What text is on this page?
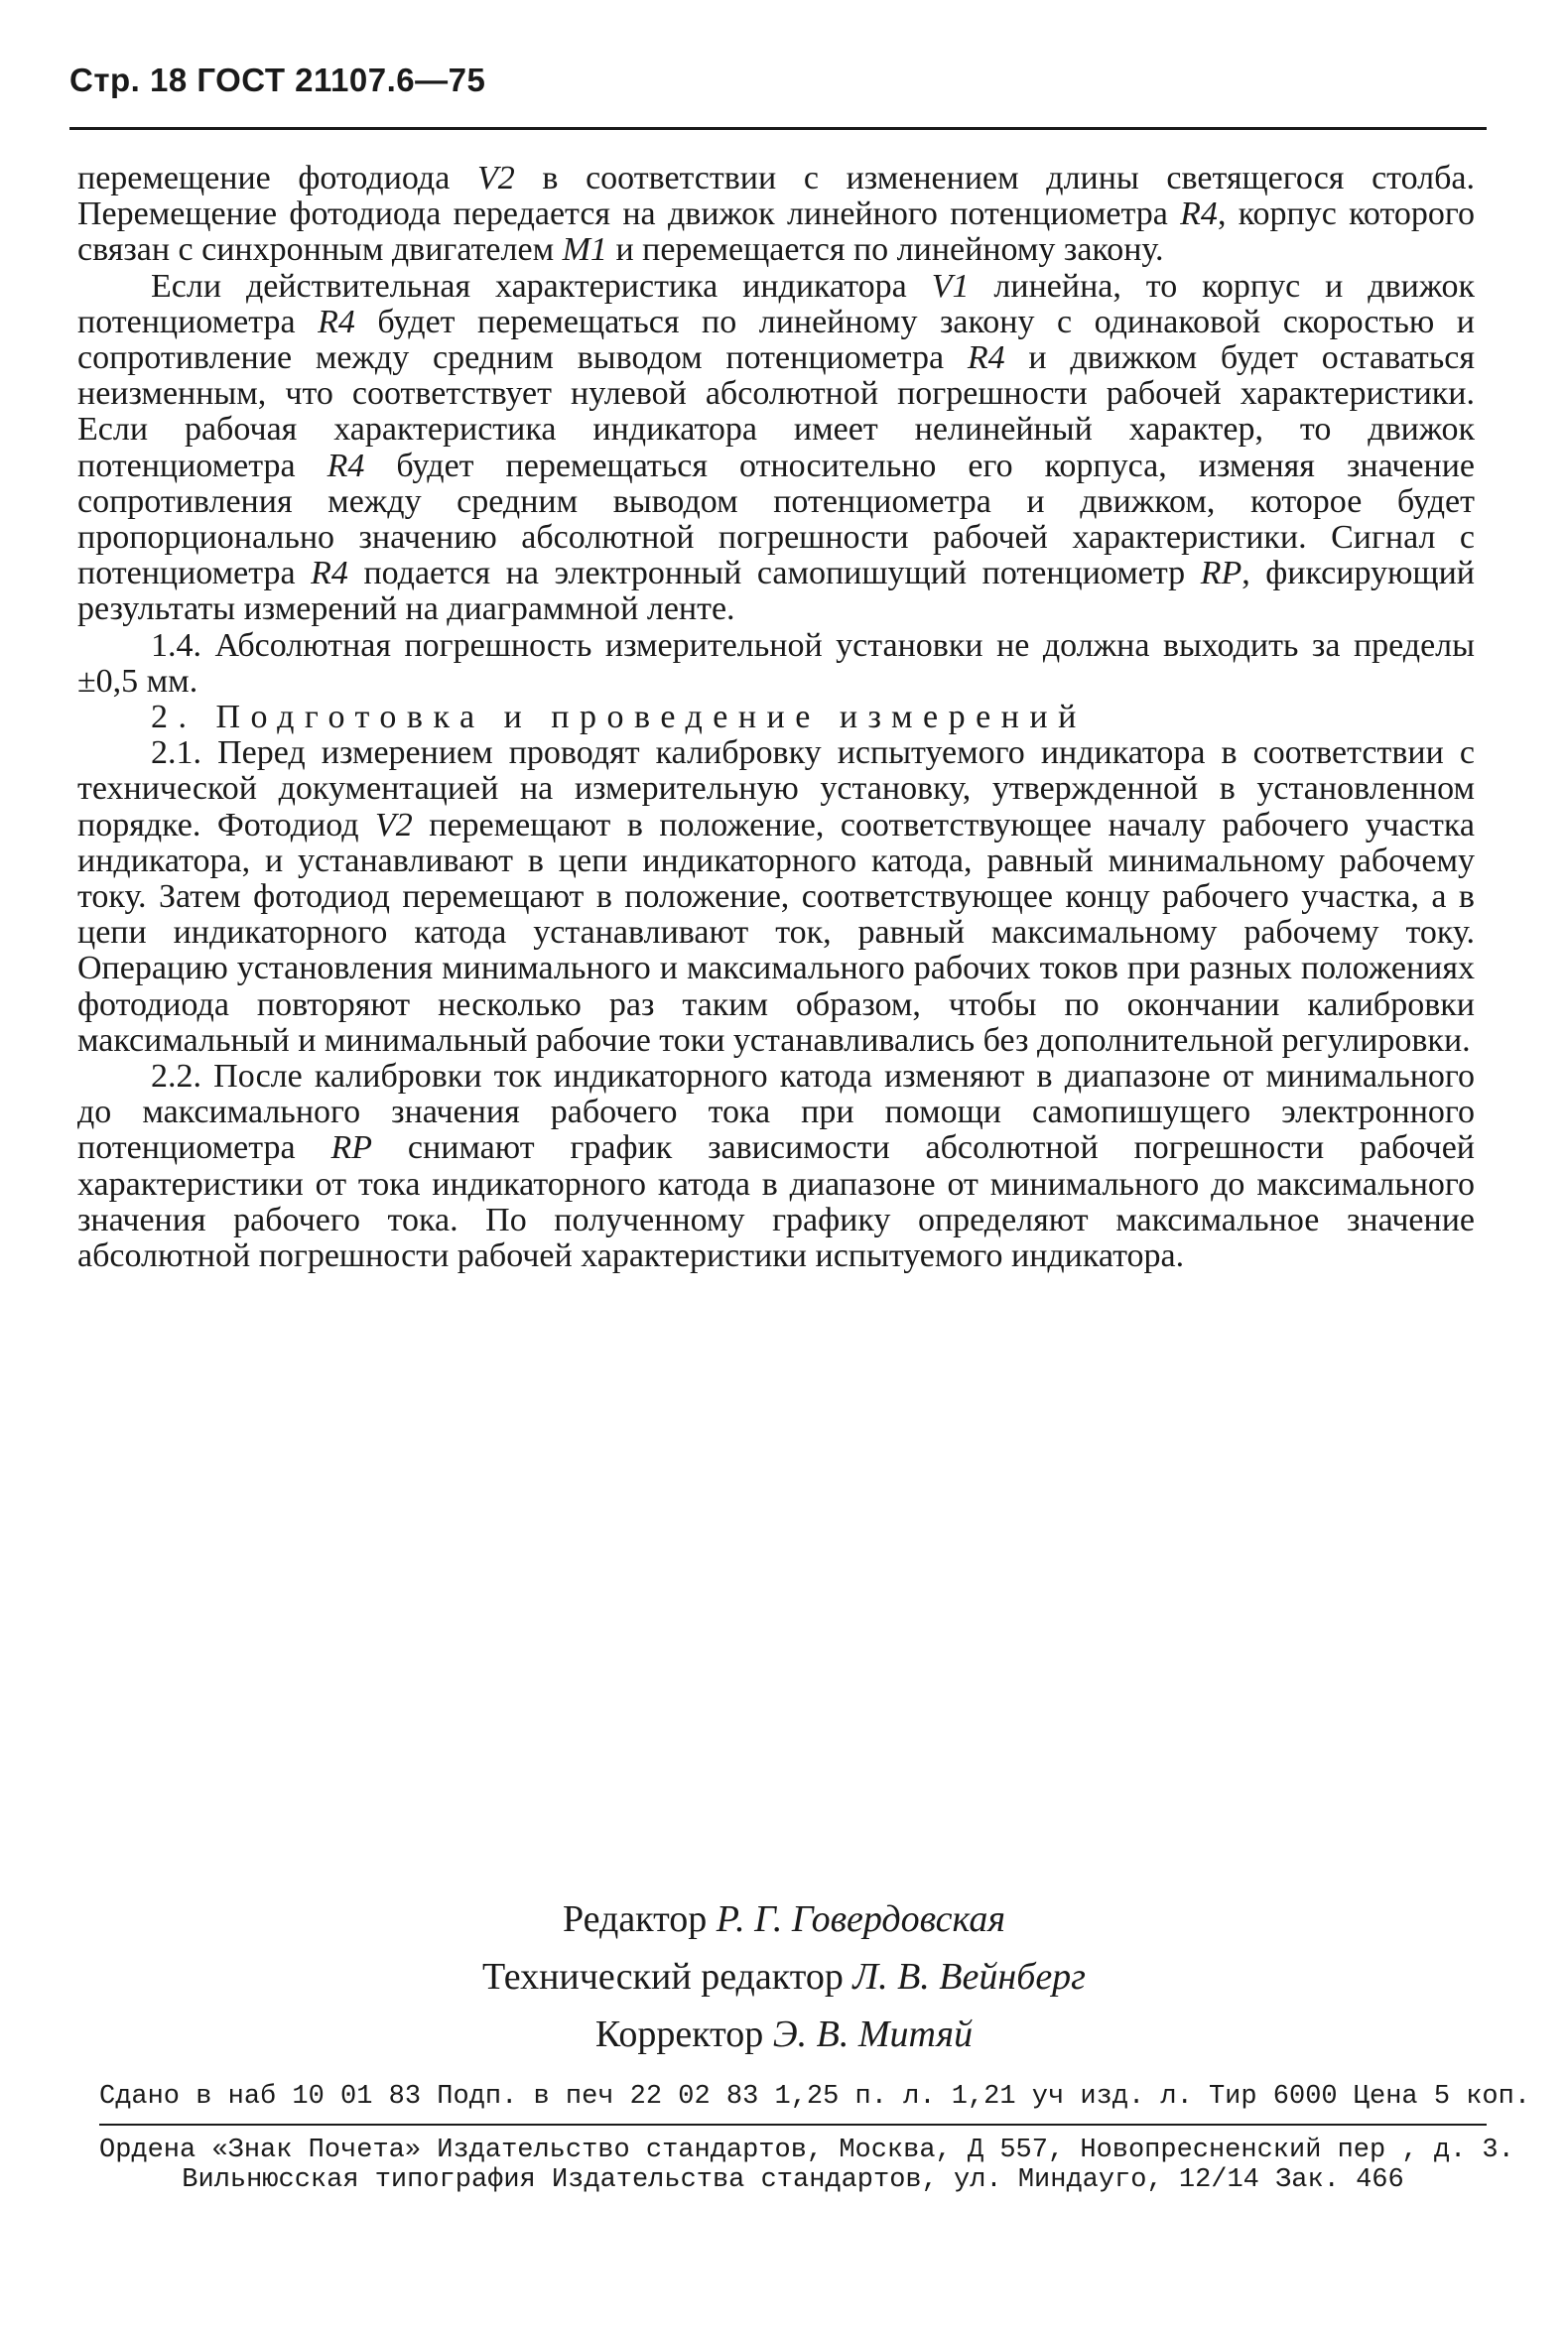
Стр. 18 ГОСТ 21107.6—75

перемещение фотодиода V2 в соответствии с изменением длины светящегося столба. Перемещение фотодиода передается на движок линейного потенциометра R4, корпус которого связан с синхронным двигателем M1 и перемещается по линейному закону.

Если действительная характеристика индикатора V1 линейна, то корпус и движок потенциометра R4 будет перемещаться по линейному закону с одинаковой скоростью и сопротивление между средним выводом потенциометра R4 и движком будет оставаться неизменным, что соответствует нулевой абсолютной погрешности рабочей характеристики. Если рабочая характеристика индикатора имеет нелинейный характер, то движок потенциометра R4 будет перемещаться относительно его корпуса, изменяя значение сопротивления между средним выводом потенциометра и движком, которое будет пропорционально значению абсолютной погрешности рабочей характеристики. Сигнал с потенциометра R4 подается на электронный самопишущий потенциометр RP, фиксирующий результаты измерений на диаграммной ленте.

1.4. Абсолютная погрешность измерительной установки не должна выходить за пределы ±0,5 мм.

2. Подготовка и проведение измерений

2.1. Перед измерением проводят калибровку испытуемого индикатора в соответствии с технической документацией на измерительную установку, утвержденной в установленном порядке. Фотодиод V2 перемещают в положение, соответствующее началу рабочего участка индикатора, и устанавливают в цепи индикаторного катода, равный минимальному рабочему току. Затем фотодиод перемещают в положение, соответствующее концу рабочего участка, а в цепи индикаторного катода устанавливают ток, равный максимальному рабочему току. Операцию установления минимального и максимального рабочих токов при разных положениях фотодиода повторяют несколько раз таким образом, чтобы по окончании калибровки максимальный и минимальный рабочие токи устанавливались без дополнительной регулировки.

2.2. После калибровки ток индикаторного катода изменяют в диапазоне от минимального до максимального значения рабочего тока при помощи самопишущего электронного потенциометра RP снимают график зависимости абсолютной погрешности рабочей характеристики от тока индикаторного катода в диапазоне от минимального до максимального значения рабочего тока. По полученному графику определяют максимальное значение абсолютной погрешности рабочей характеристики испытуемого индикатора.

Редактор Р. Г. Говердовская
Технический редактор Л. В. Вейнберг
Корректор Э. В. Митяй
Сдано в наб 10 01 83 Подп. в печ 22 02 83 1,25 п. л. 1,21 уч изд. л. Тир 6000 Цена 5 коп.
Ордена «Знак Почета» Издательство стандартов, Москва, Д 557, Новопресненский пер , д. 3.
Вильнюсская типография Издательства стандартов, ул. Миндауго, 12/14 Зак. 466
